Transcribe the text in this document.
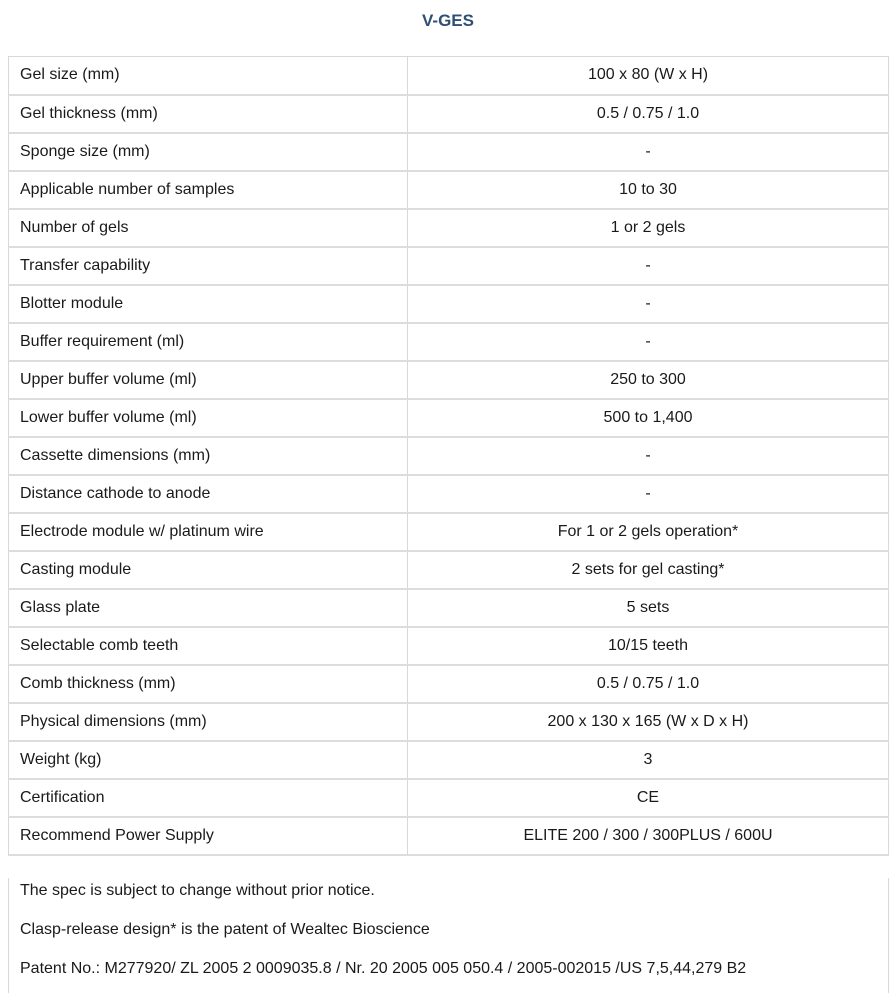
V-GES
Gel size (mm)	100 x 80 (W x H)
Gel thickness (mm)	0.5 / 0.75 / 1.0
Sponge size (mm)	-
Applicable number of samples	10 to 30
Number of gels	1 or 2 gels
Transfer capability	-
Blotter module	-
Buffer requirement (ml)	-
Upper buffer volume (ml)	250 to 300
Lower buffer volume (ml)	500 to 1,400
Cassette dimensions (mm)	-
Distance cathode to anode	-
Electrode module w/ platinum wire	For 1 or 2 gels operation*
Casting module	2 sets for gel casting*
Glass plate	5 sets
Selectable comb teeth	10/15 teeth
Comb thickness (mm)	0.5 / 0.75 / 1.0
Physical dimensions (mm)	200 x 130 x 165 (W x D x H)
Weight (kg)	3
Certification	CE
Recommend Power Supply	ELITE 200 / 300 / 300PLUS / 600U
The spec is subject to change without prior notice.
Clasp-release design* is the patent of Wealtec Bioscience
Patent No.: M277920/ ZL 2005 2 0009035.8 / Nr. 20 2005 005 050.4 / 2005-002015 /US 7,5,44,279 B2
